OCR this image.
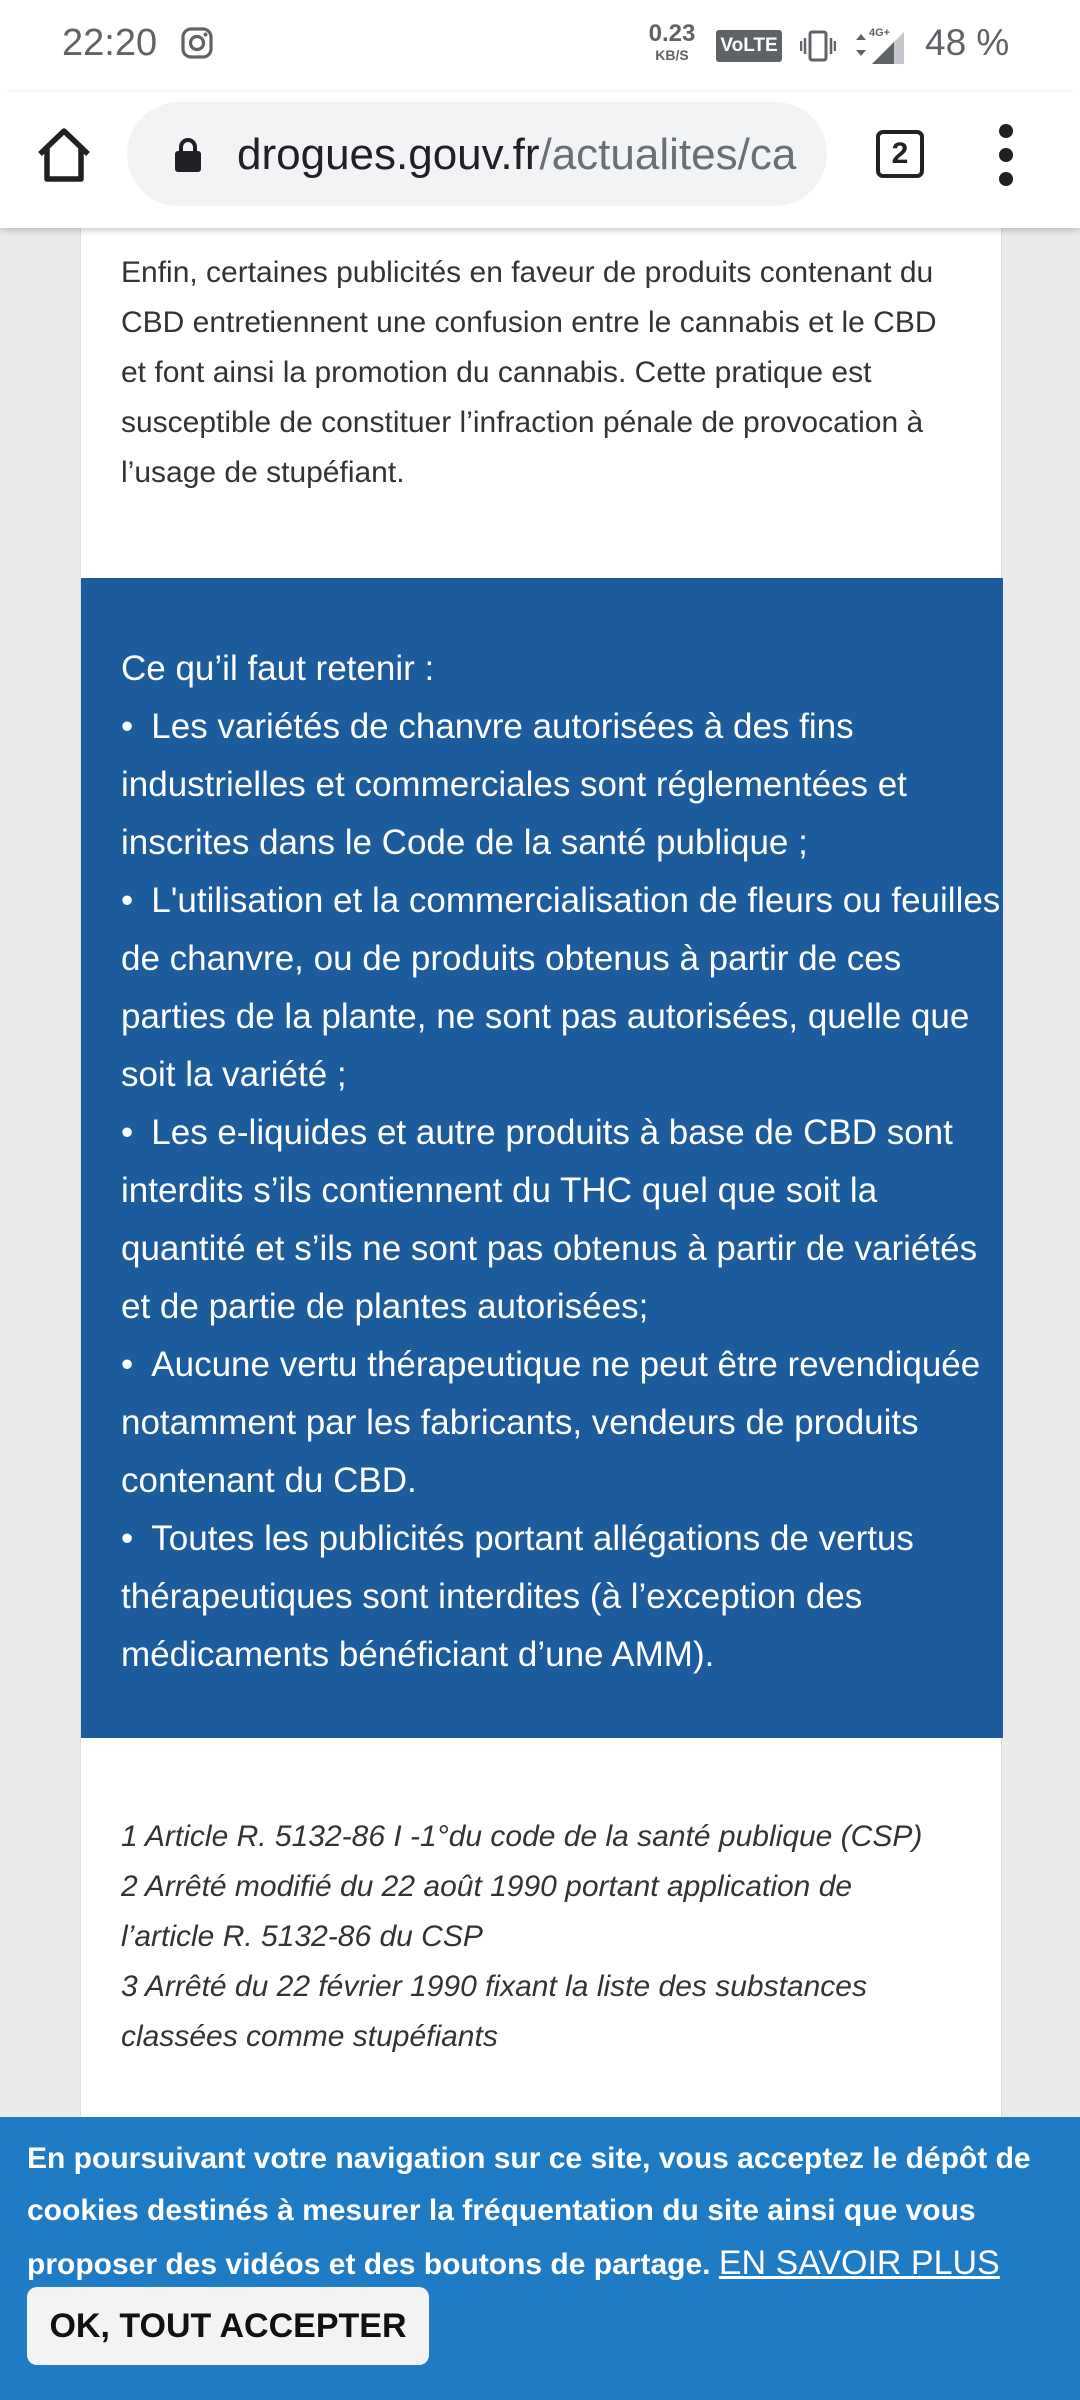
22:20	0.23
KB/S	VoLTE
4G+ 48 %
drogues.gouv.fr/actualites/ca	2
Enfin, certaines publicités en faveur de produits contenant du CBD entretiennent une confusion entre le cannabis et le CBD et font ainsi la promotion du cannabis. Cette pratique est susceptible de constituer l’infraction pénale de provocation à l’usage de stupéfiant.
Ce qu’il faut retenir :
• Les variétés de chanvre autorisées à des fins industrielles et commerciales sont réglementées et inscrites dans le Code de la santé publique ;
• L'utilisation et la commercialisation de fleurs ou feuilles de chanvre, ou de produits obtenus à partir de ces parties de la plante, ne sont pas autorisées, quelle que soit la variété ;
• Les e-liquides et autre produits à base de CBD sont interdits s’ils contiennent du THC quel que soit la quantité et s’ils ne sont pas obtenus à partir de variétés et de partie de plantes autorisées;
• Aucune vertu thérapeutique ne peut être revendiquée notamment par les fabricants, vendeurs de produits contenant du CBD.
• Toutes les publicités portant allégations de vertus thérapeutiques sont interdites (à l’exception des médicaments bénéficiant d’une AMM).
1 Article R. 5132-86 I -1°du code de la santé publique (CSP)
2 Arrêté modifié du 22 août 1990 portant application de l’article R. 5132-86 du CSP
3 Arrêté du 22 février 1990 fixant la liste des substances classées comme stupéfiants
En poursuivant votre navigation sur ce site, vous acceptez le dépôt de cookies destinés à mesurer la fréquentation du site ainsi que vous proposer des vidéos et des boutons de partage. EN SAVOIR PLUS
OK, TOUT ACCEPTER
